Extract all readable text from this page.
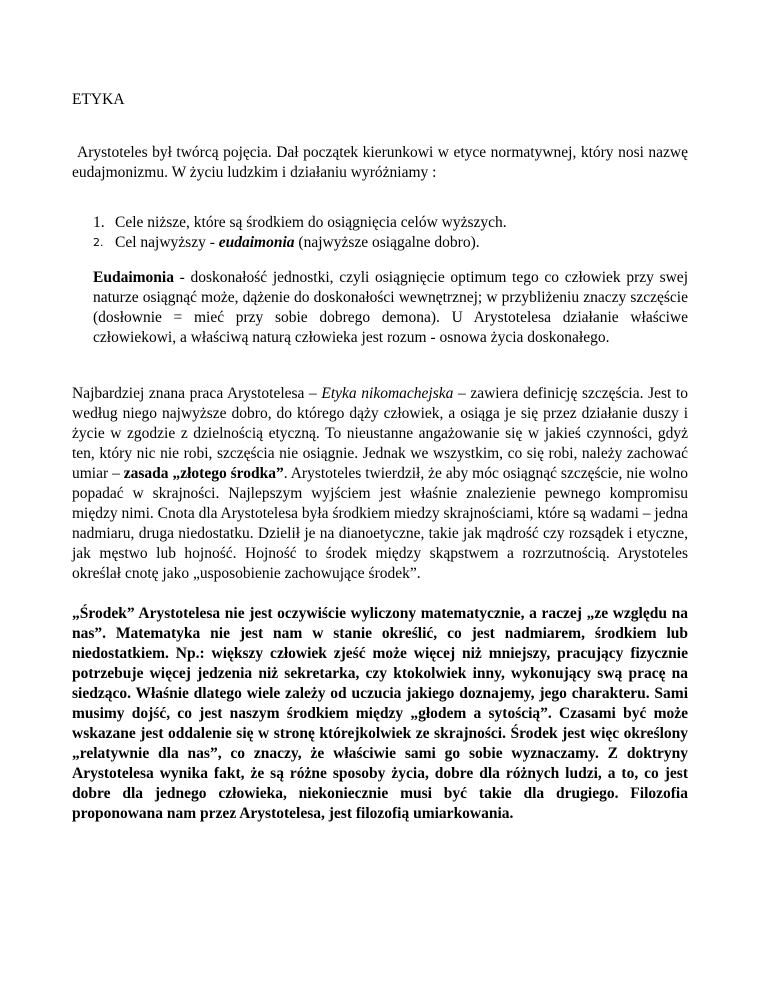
ETYKA

Arystoteles był twórcą pojęcia. Dał początek kierunkowi w etyce normatywnej, który nosi nazwę eudajmonizmu. W życiu ludzkim i działaniu wyróżniamy :

1. Cele niższe, które są środkiem do osiągnięcia celów wyższych.
2. Cel najwyższy - eudaimonia (najwyższe osiągalne dobro).

Eudaimonia - doskonałość jednostki, czyli osiągnięcie optimum tego co człowiek przy swej naturze osiągnąć może, dążenie do doskonałości wewnętrznej; w przybliżeniu znaczy szczęście (dosłownie = mieć przy sobie dobrego demona). U Arystotelesa działanie właściwe człowiekowi, a właściwą naturą człowieka jest rozum - osnowa życia doskonałego.

Najbardziej znana praca Arystotelesa – Etyka nikomachejska – zawiera definicję szczęścia. Jest to według niego najwyższe dobro, do którego dąży człowiek, a osiąga je się przez działanie duszy i życie w zgodzie z dzielnością etyczną. To nieustanne angażowanie się w jakieś czynności, gdyż ten, który nic nie robi, szczęścia nie osiągnie. Jednak we wszystkim, co się robi, należy zachować umiar – zasada „złotego środka”. Arystoteles twierdził, że aby móc osiągnąć szczęście, nie wolno popadać w skrajności. Najlepszym wyjściem jest właśnie znalezienie pewnego kompromisu między nimi. Cnota dla Arystotelesa była środkiem miedzy skrajnościami, które są wadami – jedna nadmiaru, druga niedostatku. Dzielił je na dianoetyczne, takie jak mądrość czy rozsądek i etyczne, jak męstwo lub hojność. Hojność to środek między skąpstwem a rozrzutnością. Arystoteles określał cnotę jako „usposobienie zachowujące środek”.

„Środek” Arystotelesa nie jest oczywiście wyliczony matematycznie, a raczej „ze względu na nas”. Matematyka nie jest nam w stanie określić, co jest nadmiarem, środkiem lub niedostatkiem. Np.: większy człowiek zjeść może więcej niż mniejszy, pracujący fizycznie potrzebuje więcej jedzenia niż sekretarka, czy ktokolwiek inny, wykonujący swą pracę na siedząco. Właśnie dlatego wiele zależy od uczucia jakiego doznajemy, jego charakteru. Sami musimy dojść, co jest naszym środkiem między „głodem a sytością”. Czasami być może wskazane jest oddalenie się w stronę którejkolwiek ze skrajności. Środek jest więc określony „relatywnie dla nas”, co znaczy, że właściwie sami go sobie wyznaczamy. Z doktryny Arystotelesa wynika fakt, że są różne sposoby życia, dobre dla różnych ludzi, a to, co jest dobre dla jednego człowieka, niekoniecznie musi być takie dla drugiego. Filozofia proponowana nam przez Arystotelesa, jest filozofią umiarkowania.
